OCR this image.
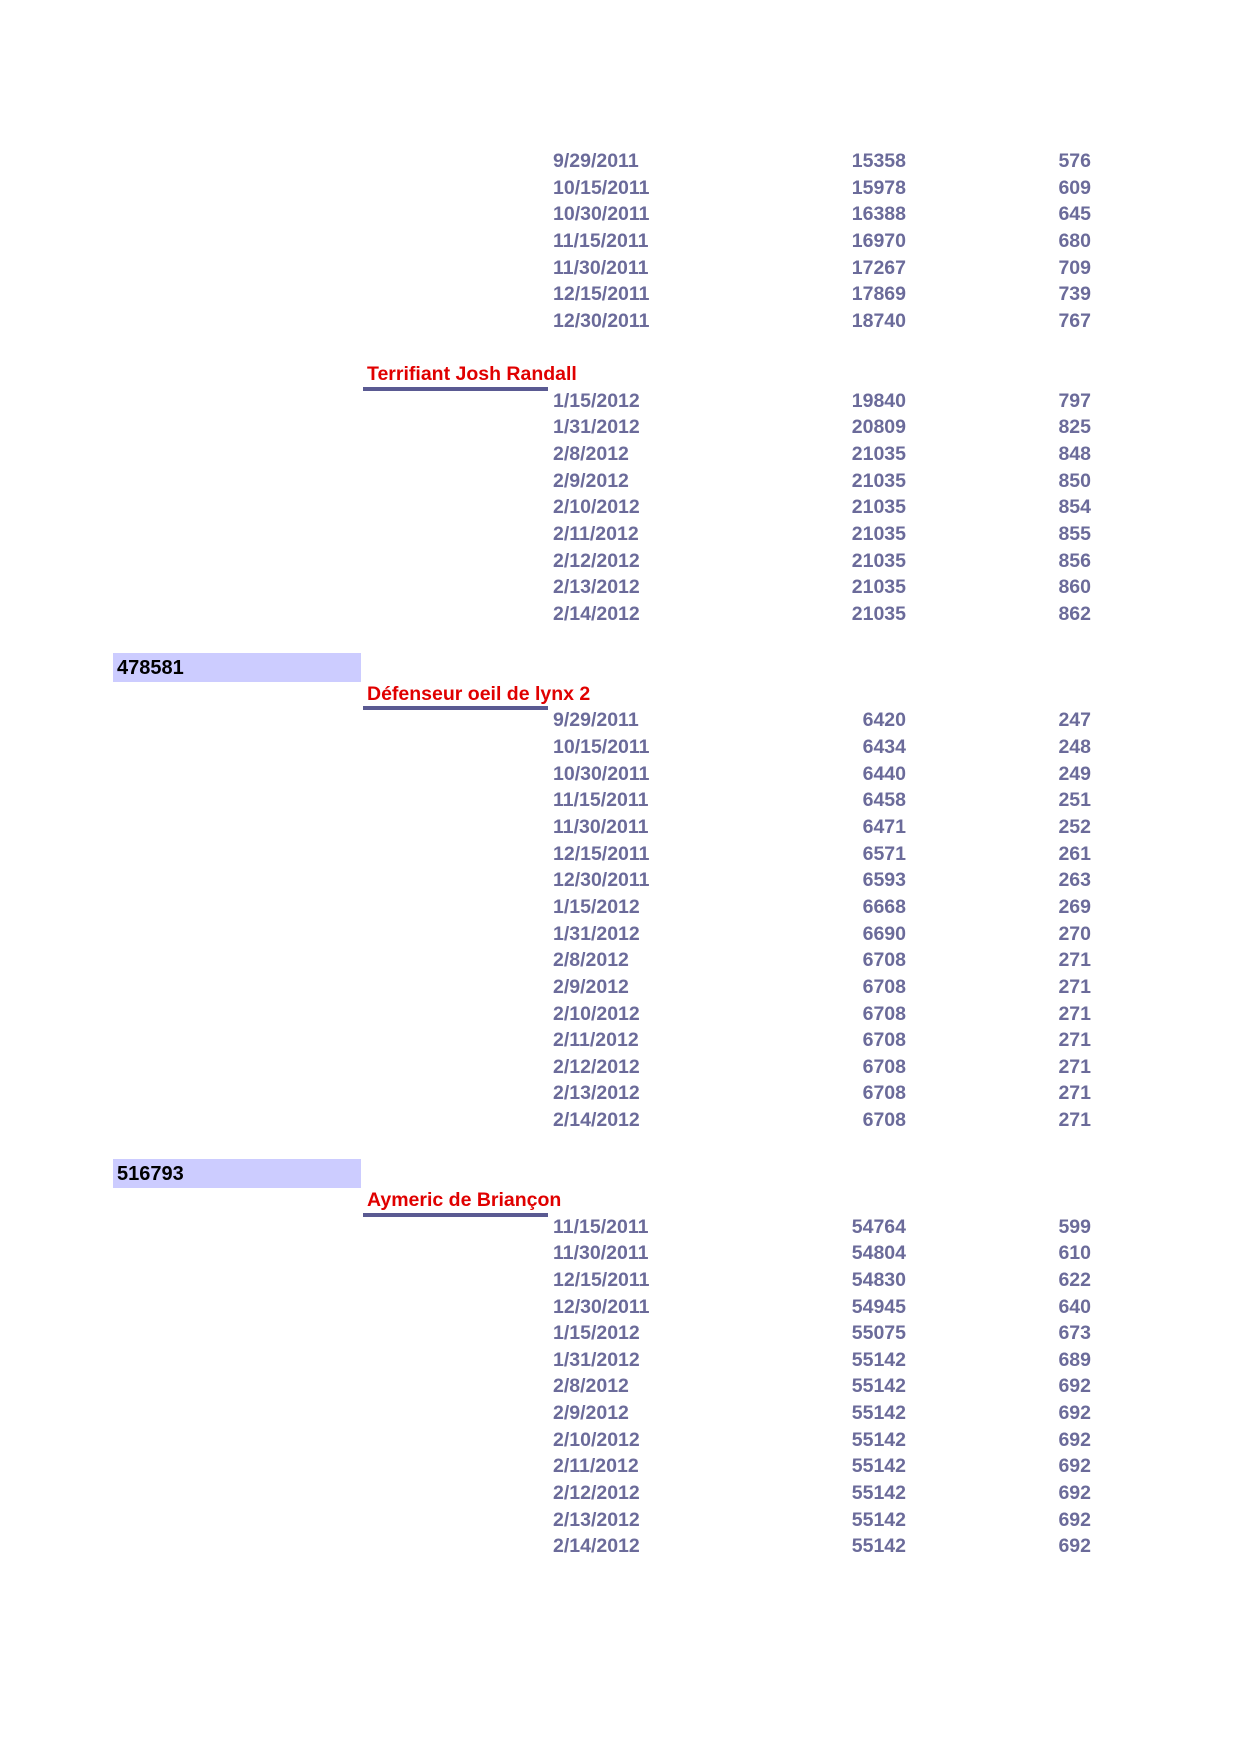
9/29/2011	15358	576
10/15/2011	15978	609
10/30/2011	16388	645
11/15/2011	16970	680
11/30/2011	17267	709
12/15/2011	17869	739
12/30/2011	18740	767
Terrifiant Josh Randall
1/15/2012	19840	797
1/31/2012	20809	825
2/8/2012	21035	848
2/9/2012	21035	850
2/10/2012	21035	854
2/11/2012	21035	855
2/12/2012	21035	856
2/13/2012	21035	860
2/14/2012	21035	862
478581
Défenseur oeil de lynx 2
9/29/2011	6420	247
10/15/2011	6434	248
10/30/2011	6440	249
11/15/2011	6458	251
11/30/2011	6471	252
12/15/2011	6571	261
12/30/2011	6593	263
1/15/2012	6668	269
1/31/2012	6690	270
2/8/2012	6708	271
2/9/2012	6708	271
2/10/2012	6708	271
2/11/2012	6708	271
2/12/2012	6708	271
2/13/2012	6708	271
2/14/2012	6708	271
516793
Aymeric de Briançon
11/15/2011	54764	599
11/30/2011	54804	610
12/15/2011	54830	622
12/30/2011	54945	640
1/15/2012	55075	673
1/31/2012	55142	689
2/8/2012	55142	692
2/9/2012	55142	692
2/10/2012	55142	692
2/11/2012	55142	692
2/12/2012	55142	692
2/13/2012	55142	692
2/14/2012	55142	692
